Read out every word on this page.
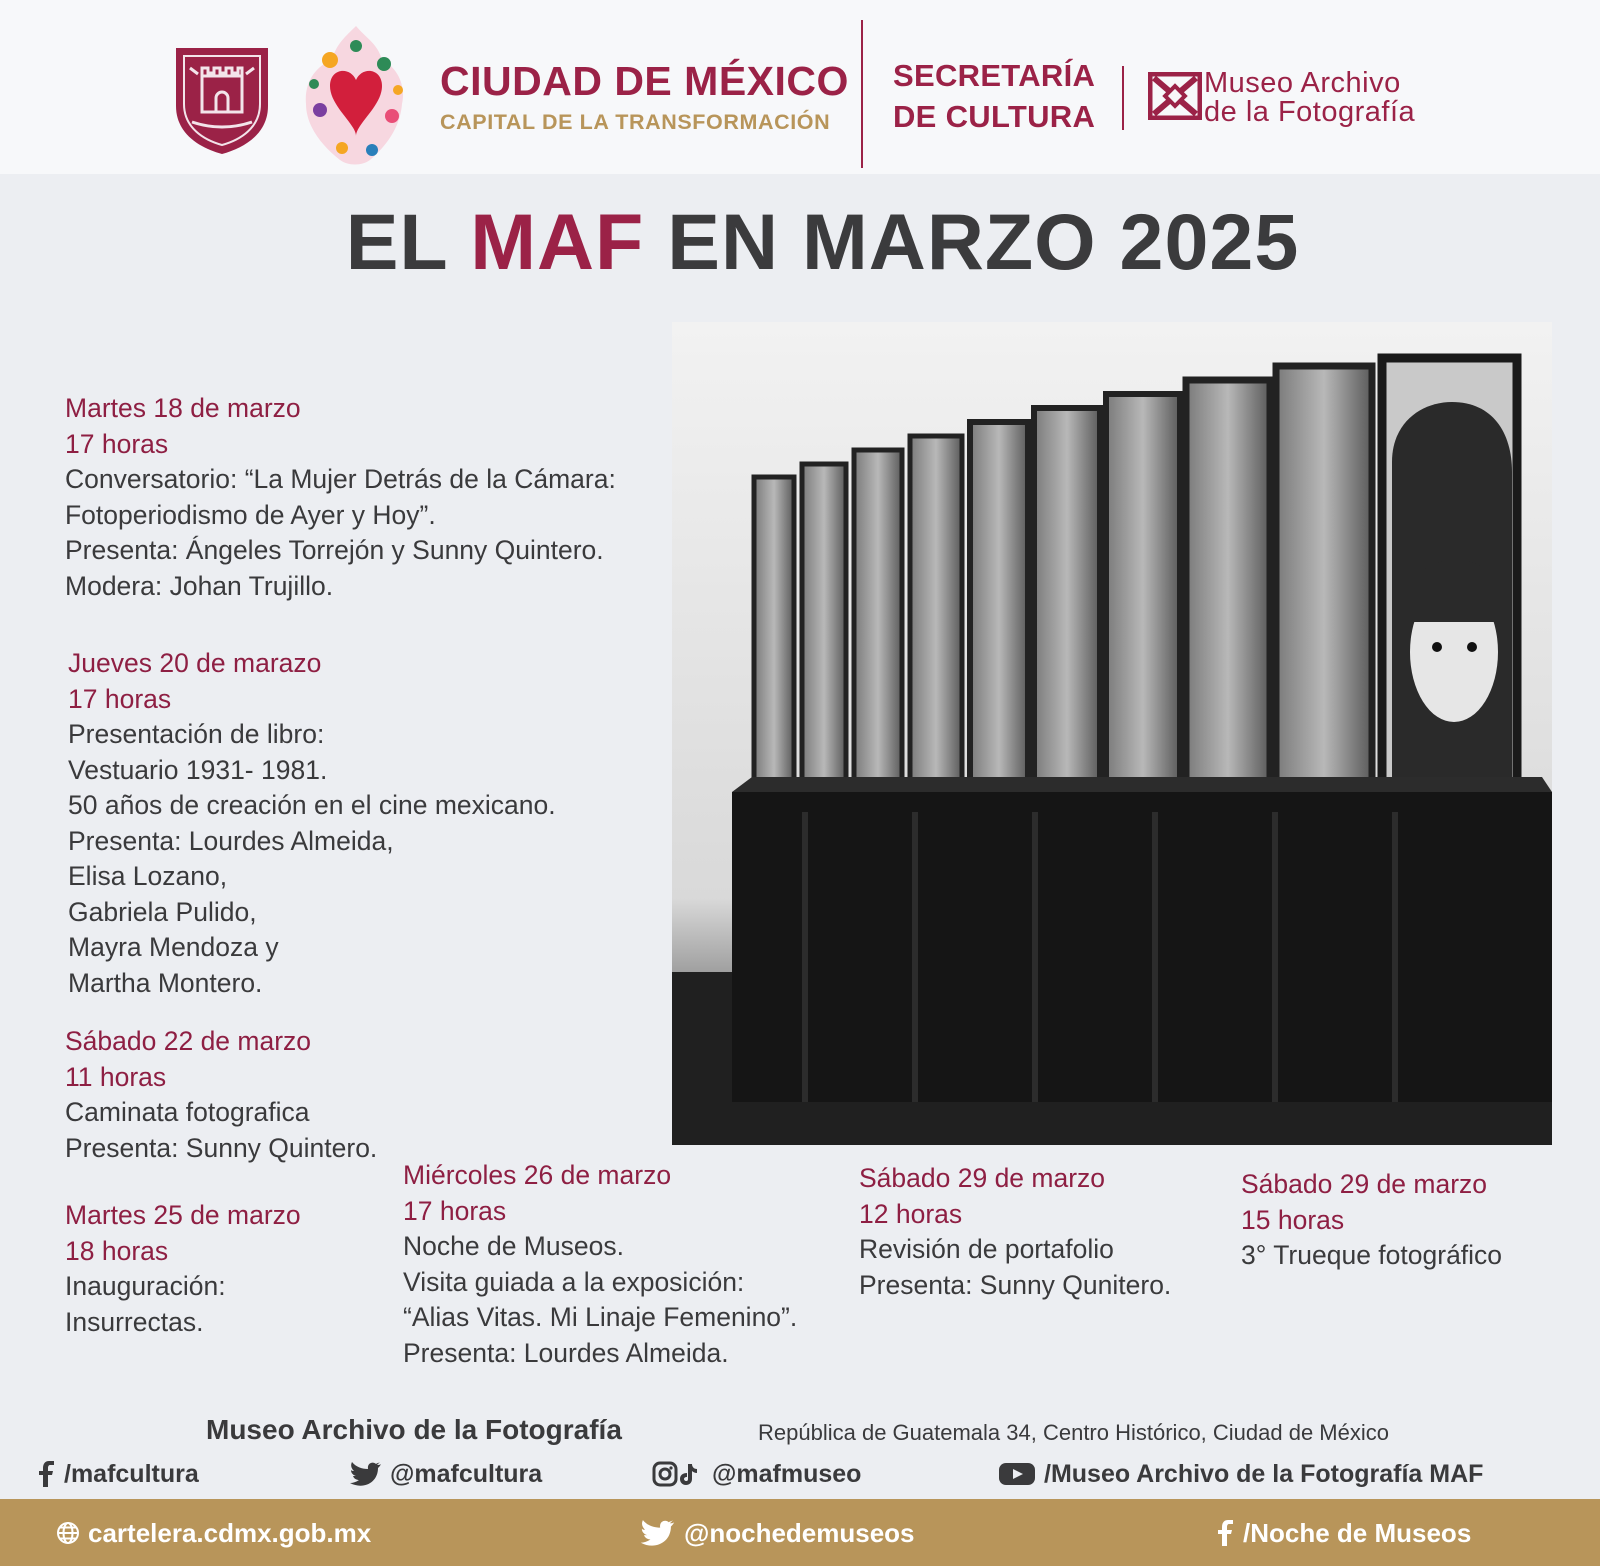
CIUDAD DE MÉXICO
CAPITAL DE LA TRANSFORMACIÓN
SECRETARÍA
DE CULTURA
Museo Archivo
de la Fotografía
EL MAF EN MARZO 2025
Martes 18 de marzo
17 horas
Conversatorio: “La Mujer Detrás de la Cámara:
Fotoperiodismo de Ayer y Hoy”.
Presenta: Ángeles Torrejón y Sunny Quintero.
Modera: Johan Trujillo.
Jueves 20 de marazo
17 horas
Presentación de libro:
Vestuario 1931- 1981.
50 años de creación en el cine mexicano.
Presenta: Lourdes Almeida,
Elisa Lozano,
Gabriela Pulido,
Mayra Mendoza y
Martha Montero.
Sábado 22 de marzo
11 horas
Caminata fotografica
Presenta: Sunny Quintero.
Martes 25 de marzo
18 horas
Inauguración:
Insurrectas.
Miércoles 26 de marzo
17 horas
Noche de Museos.
Visita guiada a la exposición:
“Alias Vitas. Mi Linaje Femenino”.
Presenta: Lourdes Almeida.
Sábado 29 de marzo
12 horas
Revisión de portafolio
Presenta: Sunny Qunitero.
Sábado 29 de marzo
15 horas
3° Trueque fotográfico
Museo Archivo de la Fotografía	República de Guatemala 34, Centro Histórico, Ciudad de México
/mafcultura	@mafcultura	@mafmuseo	/Museo Archivo de la Fotografía MAF
cartelera.cdmx.gob.mx	@nochedemuseos	/Noche de Museos
